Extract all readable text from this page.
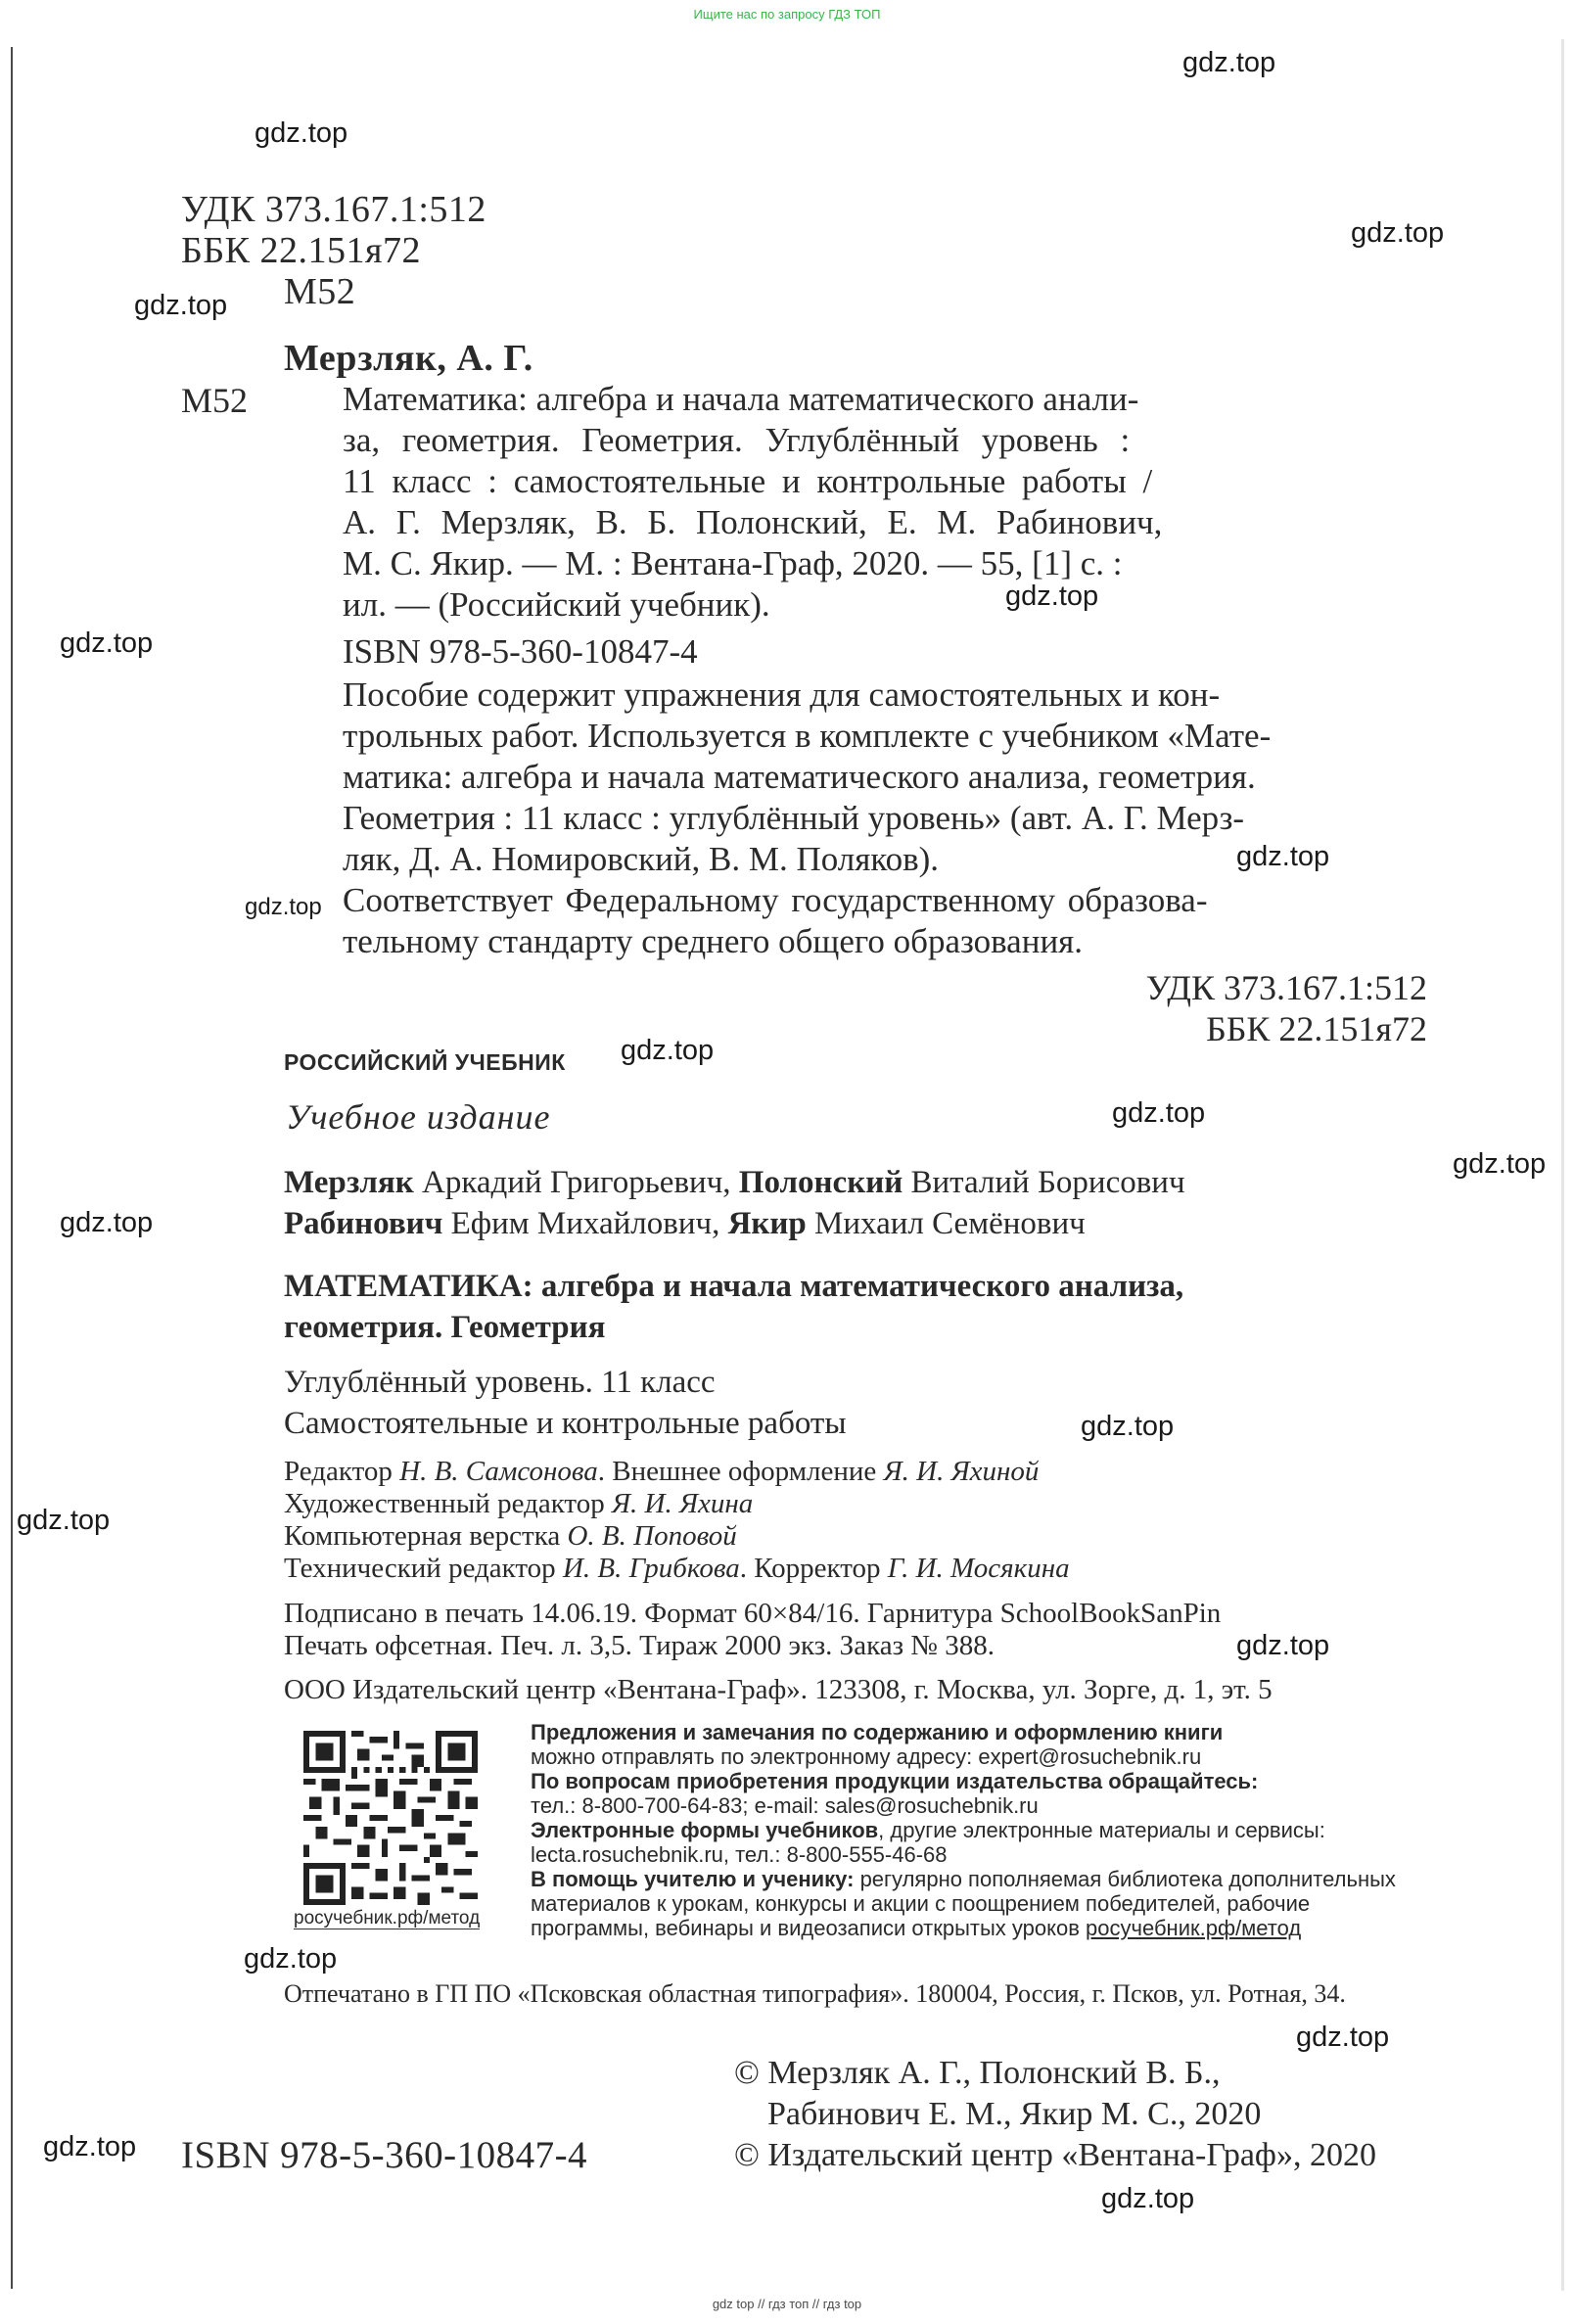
Ищите нас по запросу ГДЗ ТОП
gdz.top
gdz.top
gdz.top
gdz.top
gdz.top
gdz.top
gdz.top
gdz.top
gdz.top
gdz.top
gdz.top
gdz.top
gdz.top
gdz.top
gdz.top
gdz.top
gdz.top
gdz.top
gdz.top
УДК 373.167.1:512
ББК 22.151я72
М52
Мерзляк, А. Г.
М52	Математика: алгебра и начала математического анали-
за, геометрия. Геометрия. Углублённый уровень :
11 класс : самостоятельные и контрольные работы /
А. Г. Мерзляк, В. Б. Полонский, Е. М. Рабинович,
М. С. Якир. — М. : Вентана-Граф, 2020. — 55, [1] с. :
ил. — (Российский учебник).
ISBN 978-5-360-10847-4
Пособие содержит упражнения для самостоятельных и кон-
трольных работ. Используется в комплекте с учебником «Мате-
матика: алгебра и начала математического анализа, геометрия.
Геометрия : 11 класс : углублённый уровень» (авт. А. Г. Мерз-
ляк, Д. А. Номировский, В. М. Поляков).
Соответствует Федеральному государственному образова-
тельному стандарту среднего общего образования.
УДК 373.167.1:512
ББК 22.151я72
РОССИЙСКИЙ УЧЕБНИК
Учебное издание
Мерзляк Аркадий Григорьевич, Полонский Виталий Борисович
Рабинович Ефим Михайлович, Якир Михаил Семёнович
МАТЕМАТИКА: алгебра и начала математического анализа,
геометрия. Геометрия
Углублённый уровень. 11 класс
Самостоятельные и контрольные работы
Редактор Н. В. Самсонова. Внешнее оформление Я. И. Яхиной
Художественный редактор Я. И. Яхина
Компьютерная верстка О. В. Поповой
Технический редактор И. В. Грибкова. Корректор Г. И. Мосякина
Подписано в печать 14.06.19. Формат 60×84/16. Гарнитура SchoolBookSanPin
Печать офсетная. Печ. л. 3,5. Тираж 2000 экз. Заказ № 388.
ООО Издательский центр «Вентана-Граф». 123308, г. Москва, ул. Зорге, д. 1, эт. 5
росучебник.рф/метод
Предложения и замечания по содержанию и оформлению книги
можно отправлять по электронному адресу: expert@rosuchebnik.ru
По вопросам приобретения продукции издательства обращайтесь:
тел.: 8-800-700-64-83; e-mail: sales@rosuchebnik.ru
Электронные формы учебников, другие электронные материалы и сервисы:
lecta.rosuchebnik.ru, тел.: 8-800-555-46-68
В помощь учителю и ученику: регулярно пополняемая библиотека дополнительных
материалов к урокам, конкурсы и акции с поощрением победителей, рабочие
программы, вебинары и видеозаписи открытых уроков росучебник.рф/метод
Отпечатано в ГП ПО «Псковская областная типография». 180004, Россия, г. Псков, ул. Ротная, 34.
© Мерзляк А. Г., Полонский В. Б.,
Рабинович Е. М., Якир М. С., 2020
© Издательский центр «Вентана-Граф», 2020
ISBN 978-5-360-10847-4
gdz top // гдз топ // гдз top
